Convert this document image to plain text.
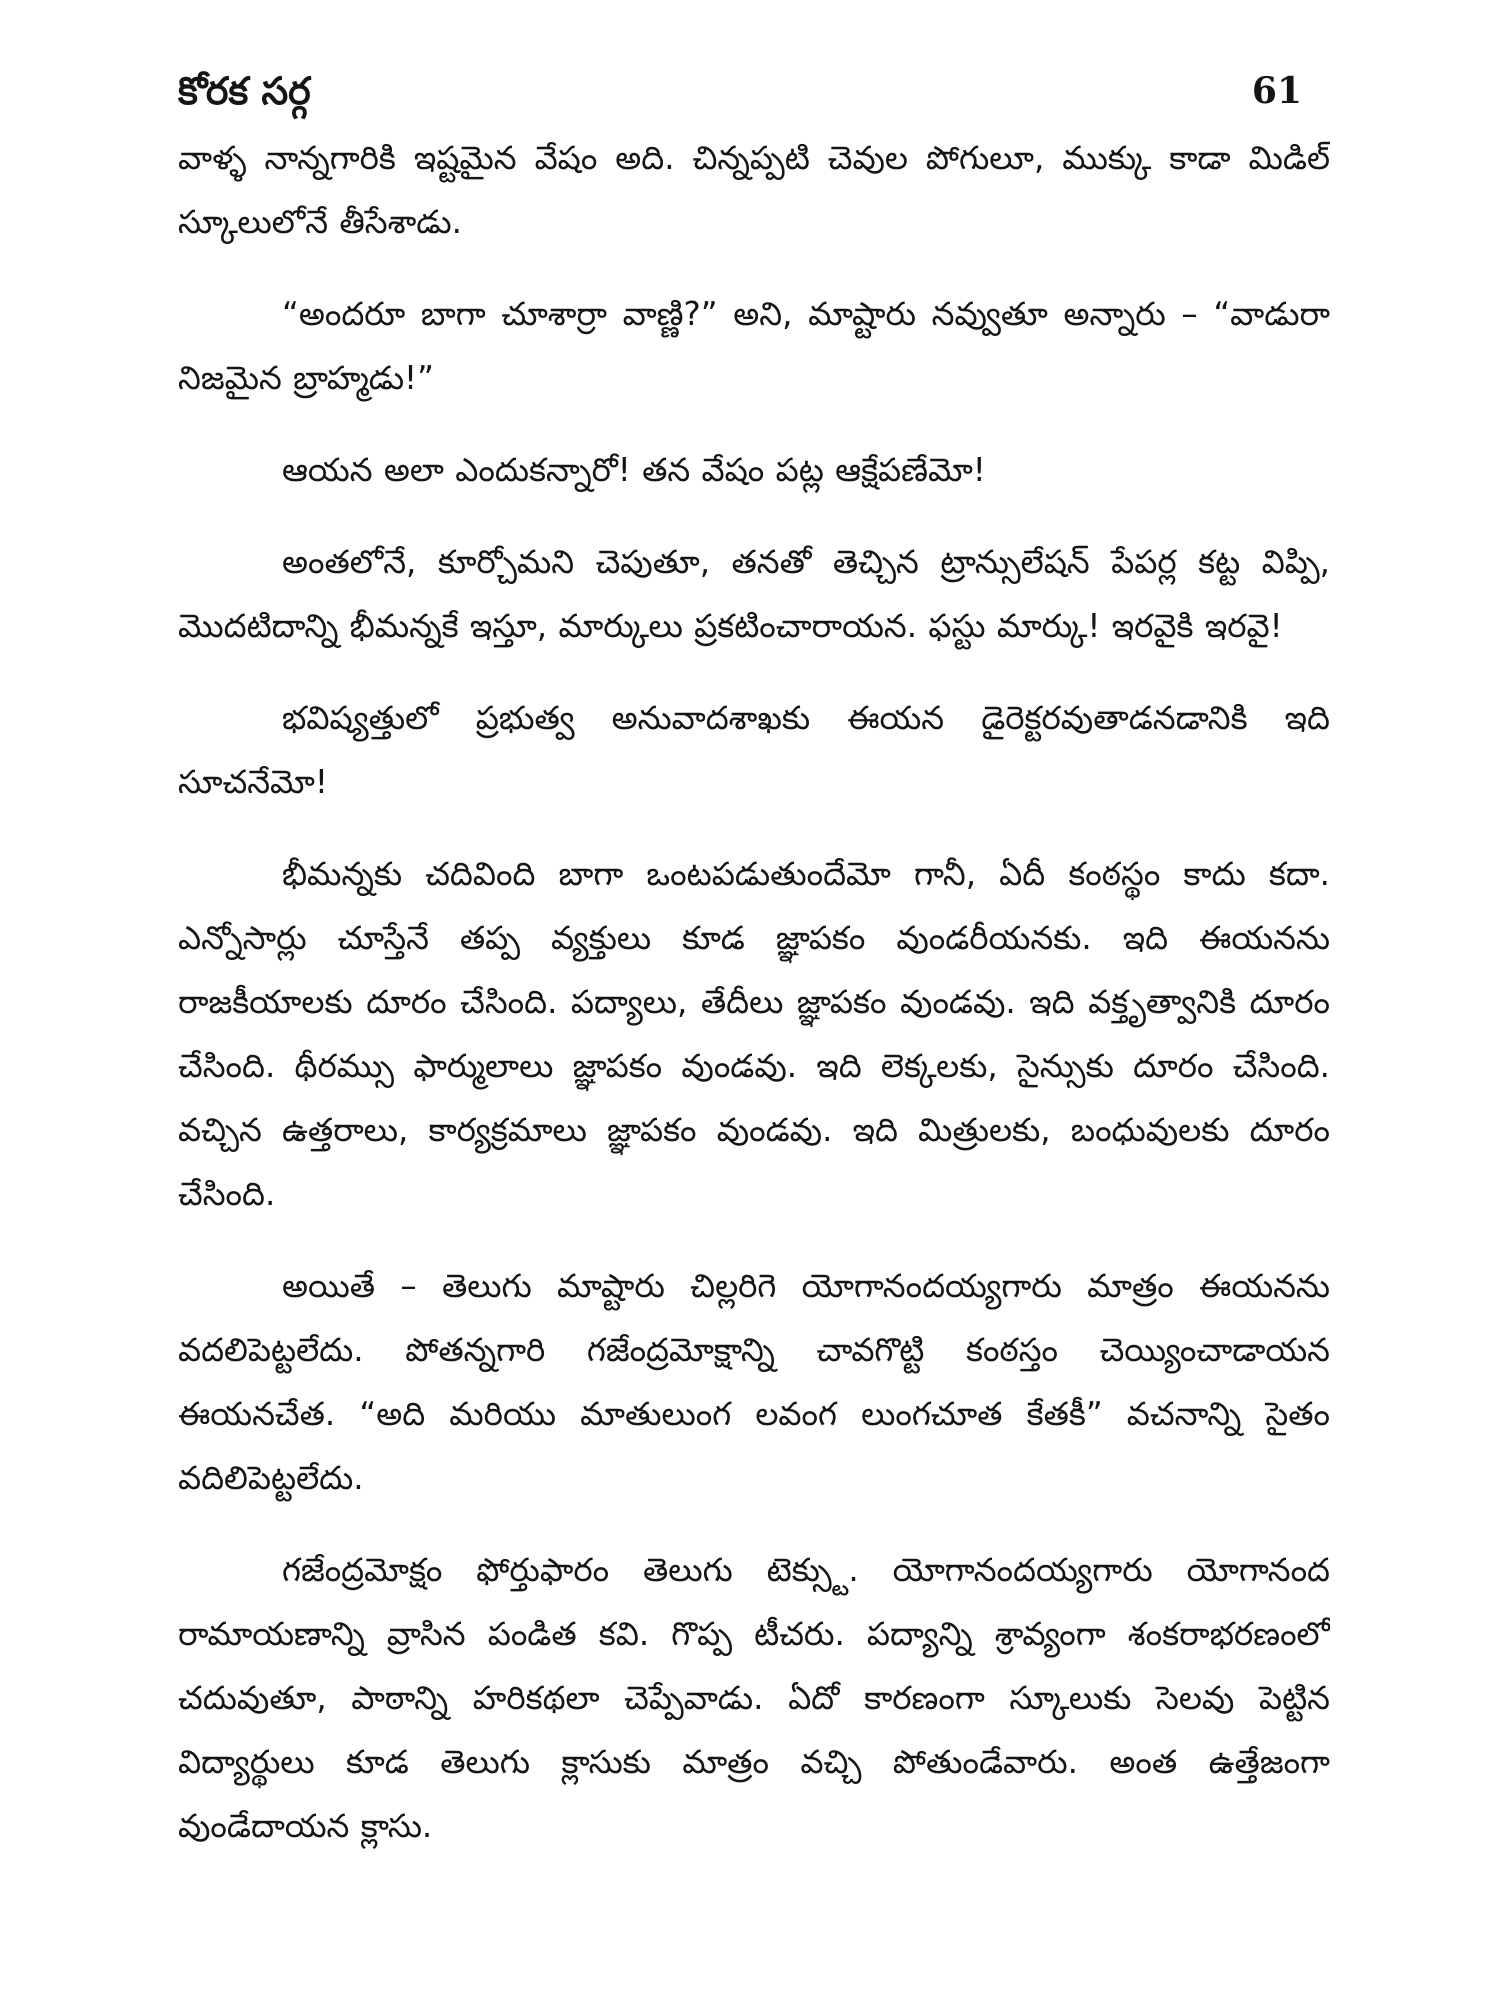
కోరక సర్గ	61

వాళ్ళ నాన్నగారికి ఇష్టమైన వేషం అది. చిన్నప్పటి చెవుల పోగులూ, ముక్కు కాడా మిడిల్ స్కూలులోనే తీసేశాడు.

“అందరూ బాగా చూశార్రా వాణ్ణి?” అని, మాష్టారు నవ్వుతూ అన్నారు – “వాడురా నిజమైన బ్రాహ్మడు!”

ఆయన అలా ఎందుకన్నారో! తన వేషం పట్ల ఆక్షేపణేమో!

అంతలోనే, కూర్చోమని చెపుతూ, తనతో తెచ్చిన ట్రాన్సులేషన్ పేపర్ల కట్ట విప్పి, మొదటిదాన్ని భీమన్నకే ఇస్తూ, మార్కులు ప్రకటించారాయన. ఫస్టు మార్కు! ఇరవైకి ఇరవై!

భవిష్యత్తులో ప్రభుత్వ అనువాదశాఖకు ఈయన డైరెక్టరవుతాడనడానికి ఇది సూచనేమో!

భీమన్నకు చదివింది బాగా ఒంటపడుతుందేమో గానీ, ఏదీ కంఠస్థం కాదు కదా. ఎన్నోసార్లు చూస్తేనే తప్ప వ్యక్తులు కూడ జ్ఞాపకం వుండరీయనకు. ఇది ఈయనను రాజకీయాలకు దూరం చేసింది. పద్యాలు, తేదీలు జ్ఞాపకం వుండవు. ఇది వక్తృత్వానికి దూరం చేసింది. థీరమ్సు ఫార్ములాలు జ్ఞాపకం వుండవు. ఇది లెక్కలకు, సైన్సుకు దూరం చేసింది. వచ్చిన ఉత్తరాలు, కార్యక్రమాలు జ్ఞాపకం వుండవు. ఇది మిత్రులకు, బంధువులకు దూరం చేసింది.

అయితే – తెలుగు మాష్టారు చిల్లరిగె యోగానందయ్యగారు మాత్రం ఈయనను వదలిపెట్టలేదు. పోతన్నగారి గజేంద్రమోక్షాన్ని చావగొట్టి కంఠస్తం చెయ్యించాడాయన ఈయనచేత. “అది మరియు మాతులుంగ లవంగ లుంగచూత కేతకీ” వచనాన్ని సైతం వదిలిపెట్టలేదు.

గజేంద్రమోక్షం ఫోర్తుఫారం తెలుగు టెక్స్టు. యోగానందయ్యగారు యోగానంద రామాయణాన్ని వ్రాసిన పండిత కవి. గొప్ప టీచరు. పద్యాన్ని శ్రావ్యంగా శంకరాభరణంలో చదువుతూ, పాఠాన్ని హరికథలా చెప్పేవాడు. ఏదో కారణంగా స్కూలుకు సెలవు పెట్టిన విద్యార్థులు కూడ తెలుగు క్లాసుకు మాత్రం వచ్చి పోతుండేవారు. అంత ఉత్తేజంగా వుండేదాయన క్లాసు.
